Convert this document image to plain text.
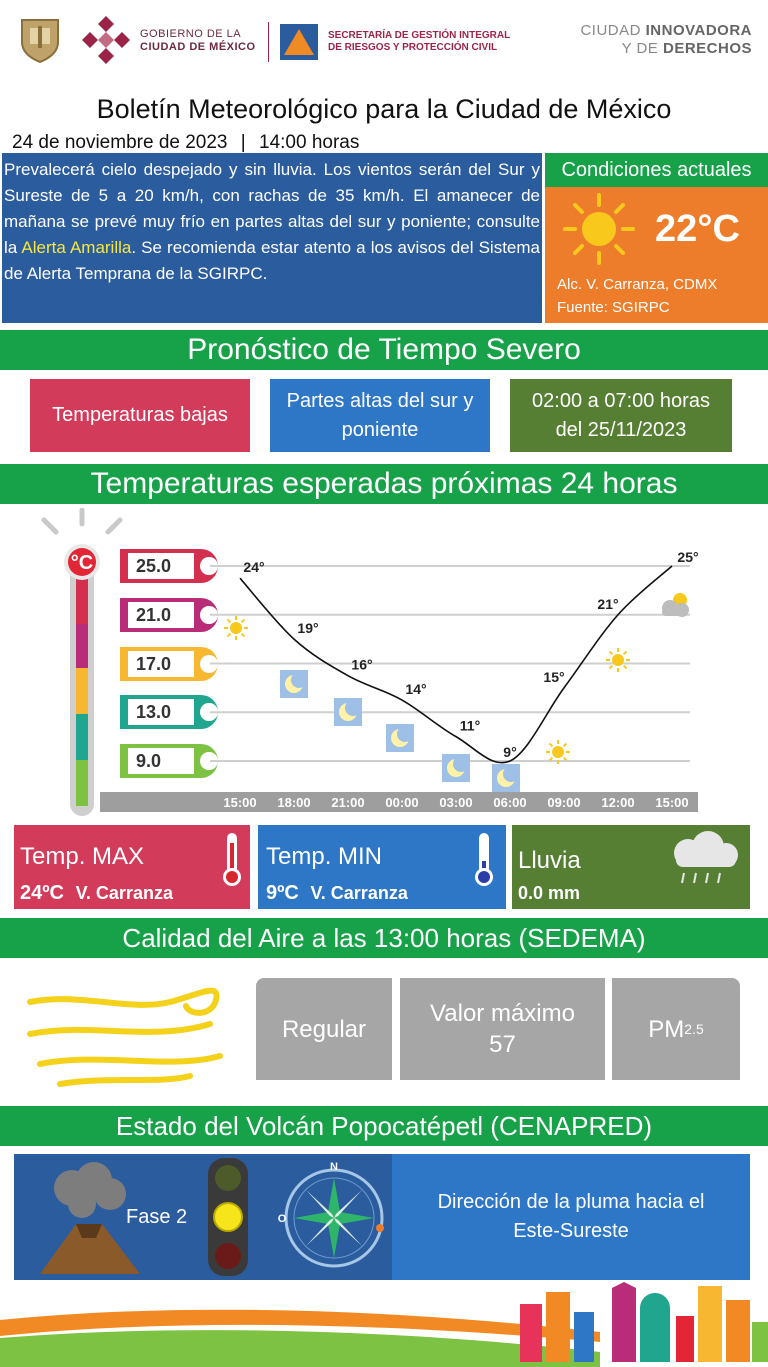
GOBIERNO DE LA
CIUDAD DE MÉXICO
SECRETARÍA DE GESTIÓN INTEGRAL
DE RIESGOS Y PROTECCIÓN CIVIL
CIUDAD INNOVADORA
Y DE DERECHOS
Boletín Meteorológico para la Ciudad de México
24 de noviembre de 2023 | 14:00 horas
Prevalecerá cielo despejado y sin lluvia. Los vientos serán del Sur y Sureste de 5 a 20 km/h, con rachas de 35 km/h. El amanecer de mañana se prevé muy frío en partes altas del sur y poniente; consulte la Alerta Amarilla. Se recomienda estar atento a los avisos del Sistema de Alerta Temprana de la SGIRPC.
Condiciones actuales
22°C
Alc. V. Carranza, CDMX
Fuente: SGIRPC
Pronóstico de Tiempo Severo
Temperaturas bajas
Partes altas del sur y poniente
02:00 a 07:00 horas del 25/11/2023
Temperaturas esperadas próximas 24 horas
°C	25.0
21.0
17.0
13.0
9.0
15:00 18:00 21:00 00:00 03:00 06:00 09:00 12:00 15:00
24°
19°
16°
14°
11°
9°
15°
21°
25°
Temp. MAX
24ºC V. Carranza
Temp. MIN
9ºC V. Carranza
Lluvia
0.0 mm
Calidad del Aire a las 13:00 horas (SEDEMA)
Regular
Valor máximo
57
PM 2.5
Estado del Volcán Popocatépetl (CENAPRED)
Fase 2
N
O
Dirección de la pluma hacia el Este-Sureste
